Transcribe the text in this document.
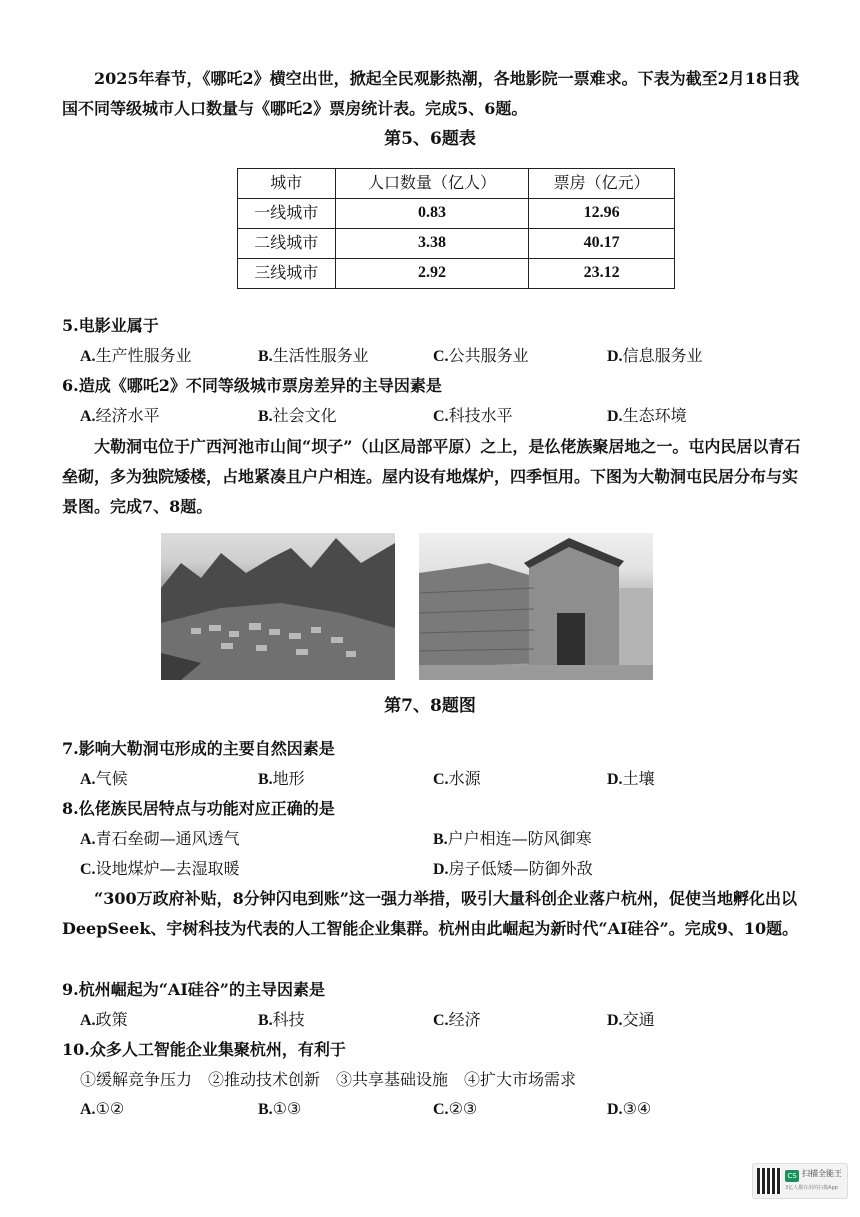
2025年春节，《哪吒2》横空出世，掀起全民观影热潮，各地影院一票难求。下表为截至2月18日我国不同等级城市人口数量与《哪吒2》票房统计表。完成5、6题。

第5、6题表
城市	人口数量（亿人）	票房（亿元）
一线城市	0.83	12.96
二线城市	3.38	40.17
三线城市	2.92	23.12
5.电影业属于
A.生产性服务业	B.生活性服务业	C.公共服务业	D.信息服务业
6.造成《哪吒2》不同等级城市票房差异的主导因素是
A.经济水平	B.社会文化	C.科技水平	D.生态环境

大勒洞屯位于广西河池市山间“坝子”（山区局部平原）之上，是仫佬族聚居地之一。屯内民居以青石垒砌，多为独院矮楼，占地紧凑且户户相连。屋内设有地煤炉，四季恒用。下图为大勒洞屯民居分布与实景图。完成7、8题。

第7、8题图
7.影响大勒洞屯形成的主要自然因素是
A.气候	B.地形	C.水源	D.土壤
8.仫佬族民居特点与功能对应正确的是
A.青石垒砌—通风透气	B.户户相连—防风御寒
C.设地煤炉—去湿取暖	D.房子低矮—防御外敌

“300万政府补贴，8分钟闪电到账”这一强力举措，吸引大量科创企业落户杭州，促使当地孵化出以DeepSeek、宇树科技为代表的人工智能企业集群。杭州由此崛起为新时代“AI硅谷”。完成9、10题。

9.杭州崛起为“AI硅谷”的主导因素是
A.政策	B.科技	C.经济	D.交通
10.众多人工智能企业集聚杭州，有利于
①缓解竞争压力　②推动技术创新　③共享基础设施　④扩大市场需求
A.①②	B.①③	C.②③	D.③④
CS 扫描全能王
3亿人都在用的扫描App
